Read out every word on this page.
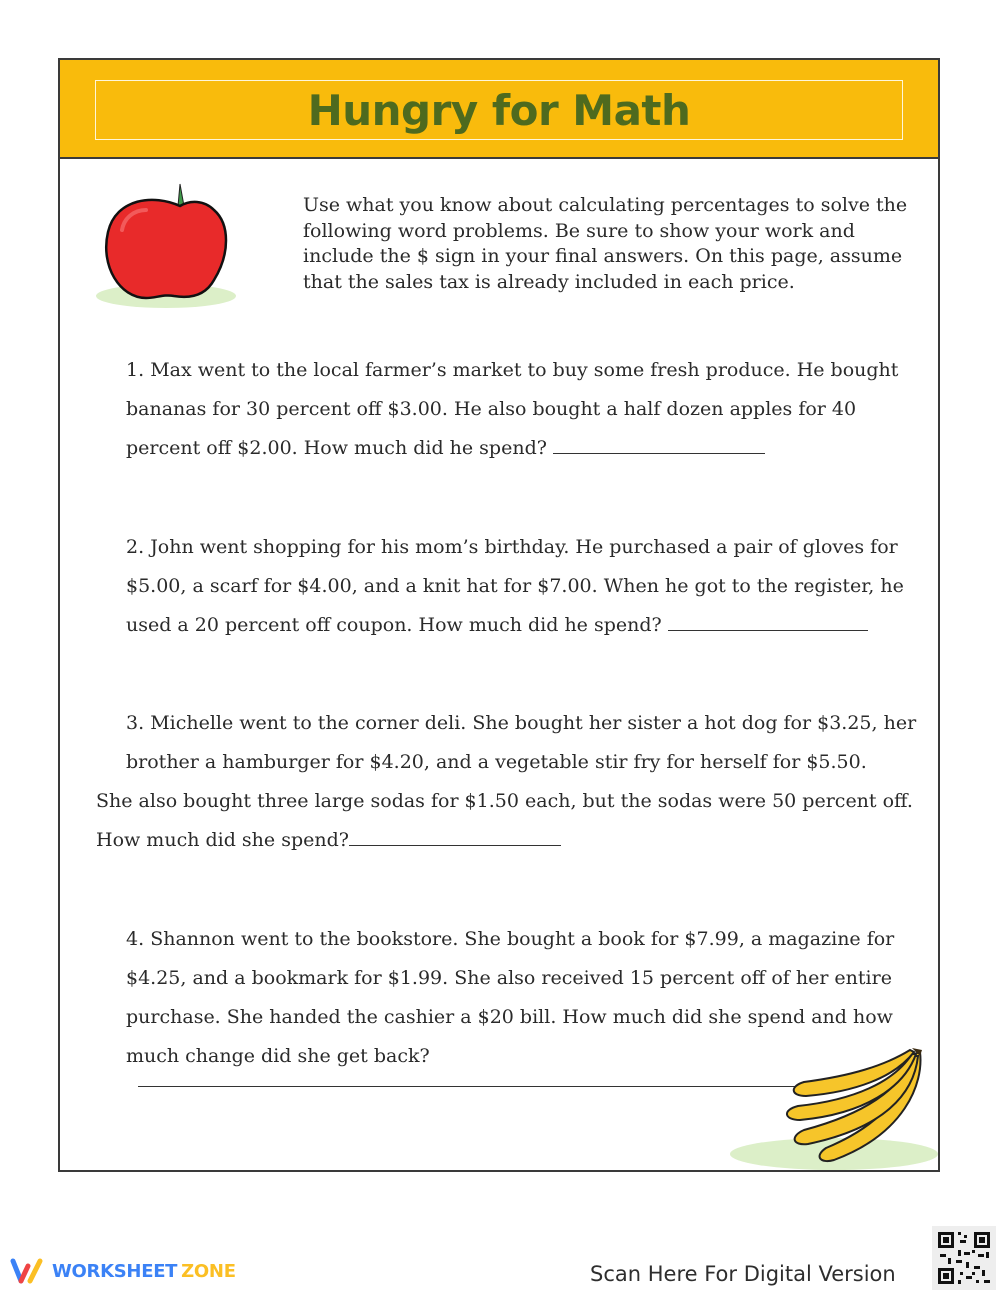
Hungry for Math
Use what you know about calculating percentages to solve the following word problems. Be sure to show your work and include the $ sign in your final answers. On this page, assume that the sales tax is already included in each price.
1. Max went to the local farmer’s market to buy some fresh produce. He bought bananas for 30 percent off $3.00. He also bought a half dozen apples for 40 percent off $2.00. How much did he spend?
2. John went shopping for his mom’s birthday. He purchased a pair of gloves for $5.00, a scarf for $4.00, and a knit hat for $7.00. When he got to the register, he used a 20 percent off coupon. How much did he spend?
3. Michelle went to the corner deli. She bought her sister a hot dog for $3.25, her brother a hamburger for $4.20, and a vegetable stir fry for herself for $5.50.
She also bought three large sodas for $1.50 each, but the sodas were 50 percent off. How much did she spend?
4. Shannon went to the bookstore. She bought a book for $7.99, a magazine for $4.25, and a bookmark for $1.99. She also received 15 percent off of her entire purchase. She handed the cashier a $20 bill. How much did she spend and how much change did she get back?
WORKSHEET ZONE	Scan Here For Digital Version
